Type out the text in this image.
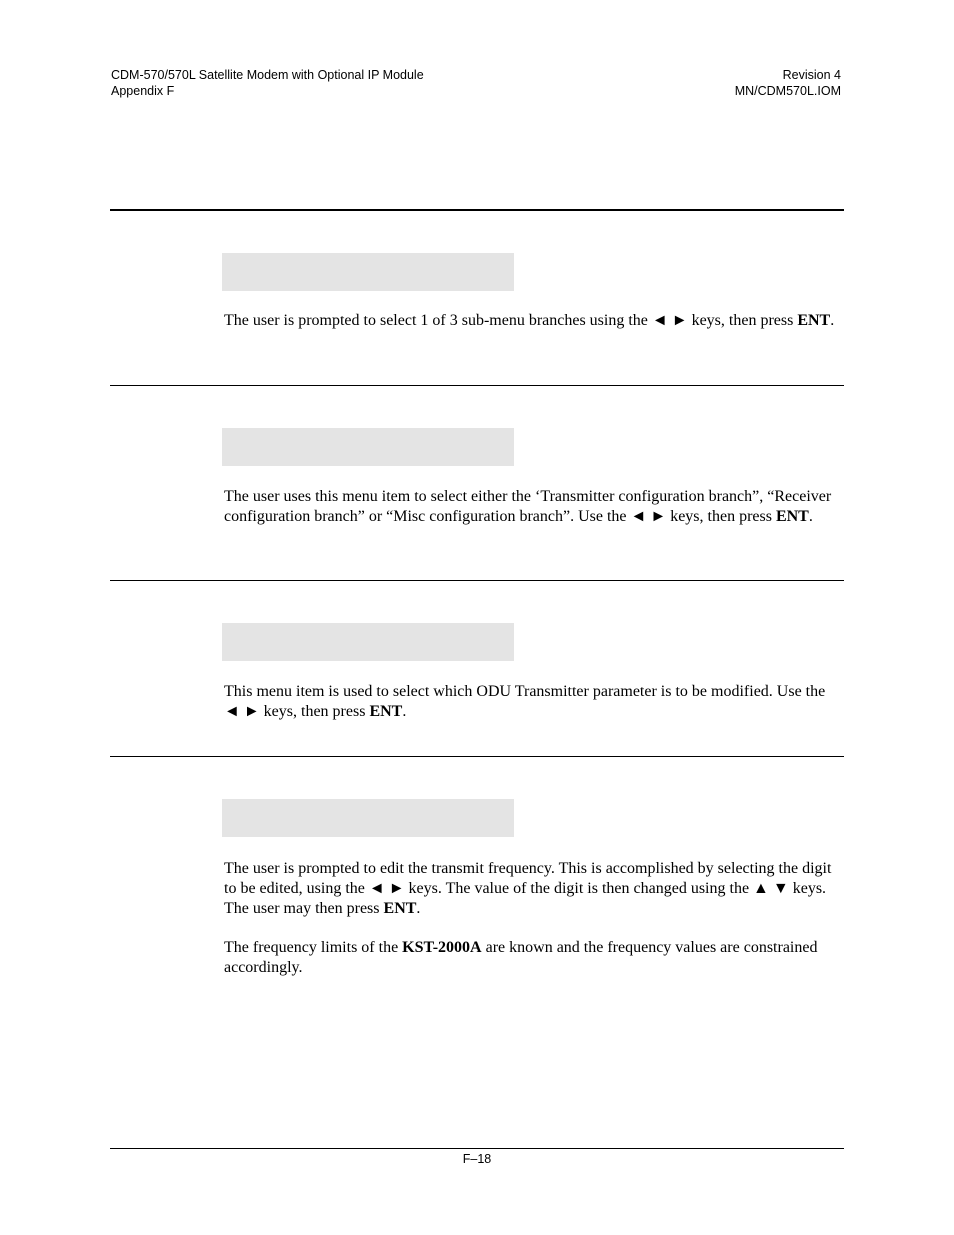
CDM-570/570L Satellite Modem with Optional IP Module
Appendix F
Revision 4
MN/CDM570L.IOM

The user is prompted to select 1 of 3 sub-menu branches using the ◄ ► keys, then press ENT.

The user uses this menu item to select either the ‘Transmitter configuration branch”, “Receiver configuration branch” or “Misc configuration branch”. Use the ◄ ► keys, then press ENT.

This menu item is used to select which ODU Transmitter parameter is to be modified. Use the ◄ ► keys, then press ENT.

The user is prompted to edit the transmit frequency. This is accomplished by selecting the digit to be edited, using the ◄ ► keys. The value of the digit is then changed using the ▲ ▼ keys. The user may then press ENT.
The frequency limits of the KST-2000A are known and the frequency values are constrained accordingly.
F–18
